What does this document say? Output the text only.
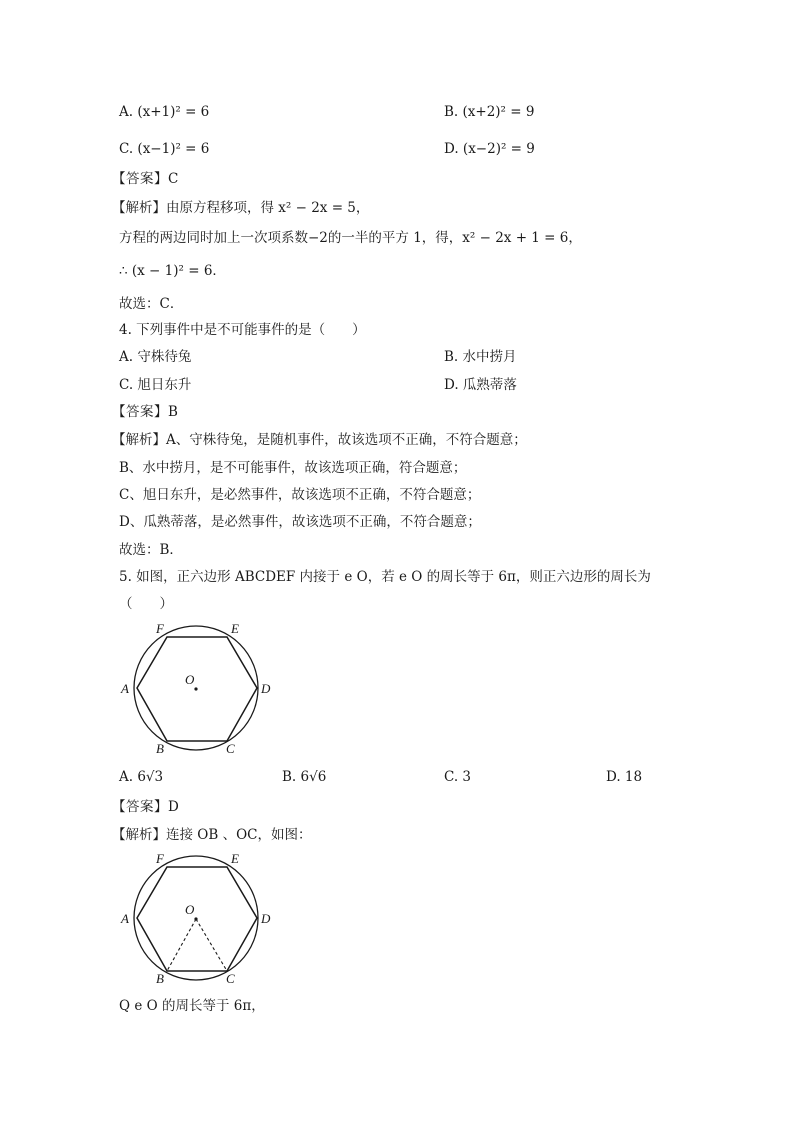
A. (x+1)² = 6	B. (x+2)² = 9
C. (x−1)² = 6	D. (x−2)² = 9
【答案】C
【解析】由原方程移项，得 x² − 2x = 5，
方程的两边同时加上一次项系数−2的一半的平方 1，得，x² − 2x + 1 = 6，
∴ (x − 1)² = 6．
故选：C．
4. 下列事件中是不可能事件的是（　　）
A. 守株待兔	B. 水中捞月
C. 旭日东升	D. 瓜熟蒂落
【答案】B
【解析】A、守株待兔，是随机事件，故该选项不正确，不符合题意；
B、水中捞月，是不可能事件，故该选项正确，符合题意；
C、旭日东升，是必然事件，故该选项不正确，不符合题意；
D、瓜熟蒂落，是必然事件，故该选项不正确，不符合题意；
故选：B．
5. 如图，正六边形 ABCDEF 内接于 e O，若 e O 的周长等于 6π，则正六边形的周长为
（　　）
O
A
B	C
D
E
F
A. 6√3	B. 6√6	C. 3	D. 18
【答案】D
【解析】连接 OB 、OC，如图：
O
A
B	C
D
E
F
Q e O 的周长等于 6π，
